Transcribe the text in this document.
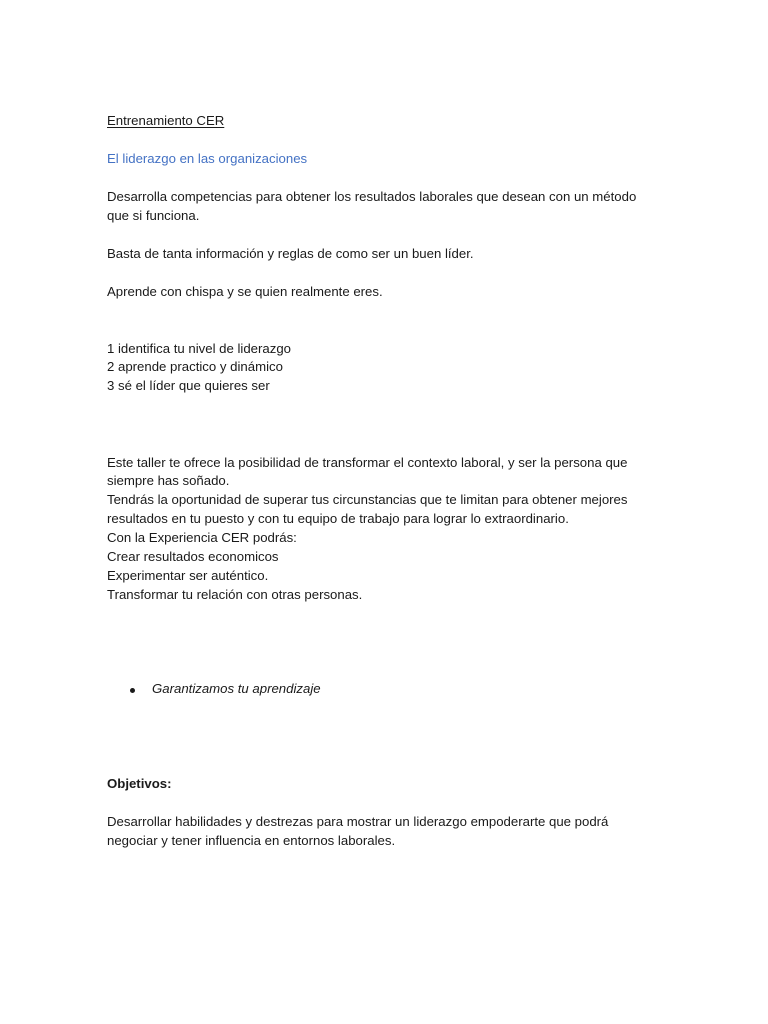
Entrenamiento CER
El liderazgo en las organizaciones
Desarrolla competencias para obtener los resultados laborales que desean con un método
que si funciona.
Basta de tanta información y reglas de como ser un buen líder.
Aprende con chispa y se quien realmente eres.
1 identifica tu nivel de liderazgo
2 aprende practico y dinámico
3 sé el líder que quieres ser
Este taller te ofrece la posibilidad de transformar el contexto laboral, y ser la persona que
siempre has soñado.
Tendrás la oportunidad de superar tus circunstancias que te limitan para obtener mejores
resultados en tu puesto y con tu equipo de trabajo para lograr lo extraordinario.
Con la Experiencia CER podrás:
Crear resultados economicos
Experimentar ser auténtico.
Transformar tu relación con otras personas.
Garantizamos tu aprendizaje
Objetivos:
Desarrollar habilidades y destrezas para mostrar un liderazgo empoderarte que podrá
negociar y tener influencia en entornos laborales.
